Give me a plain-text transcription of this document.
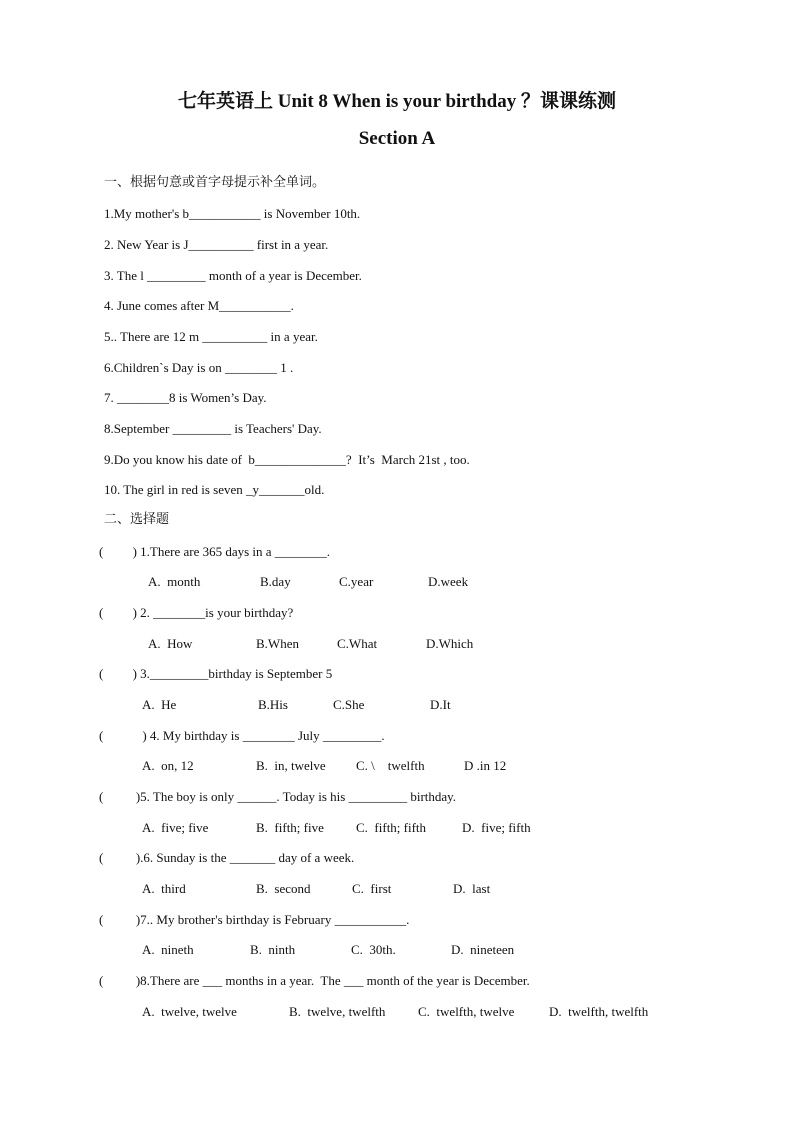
七年英语上 Unit 8 When is your birthday ？课课练测
Section A
一、根据句意或首字母提示补全单词。
1.My mother's b___________ is November 10th.
2. New Year is J__________ first in a year.
3. The l _________ month of a year is December.
4. June comes after M___________.
5.. There are 12 m __________ in a year.
6.Children`s Day is on ________ 1 .
7. ________8 is Women’s Day.
8.September _________ is Teachers' Day.
9.Do you know his date of  b______________?  It’s  March 21st , too.
10. The girl in red is seven _y_______old.
二、选择题
(         ) 1.There are 365 days in a ________.
A.  month	B.day	C.year	D.week
(         ) 2. ________is your birthday?
A.  How	B.When	C.What	D.Which
(         ) 3._________birthday is September 5
A.  He	B.His	C.She	D.It
(            ) 4. My birthday is ________ July _________.
A.  on, 12	B.  in, twelve C. \    twelfth	D .in 12
(          )5. The boy is only ______. Today is his _________ birthday.
A.  five; five	B.  fifth; five C.  fifth; fifth	D.  five; fifth
(          ).6. Sunday is the _______ day of a week.
A.  third	B.  second	C.  first	D.  last
(          )7.. My brother's birthday is February ___________.
A.  nineth	B.  ninth	C.  30th.	D.  nineteen
(          )8.There are ___ months in a year.  The ___ month of the year is December.
A.  twelve, twelve	B.  twelve, twelfth	C.  twelfth, twelve	D.  twelfth, twelfth
